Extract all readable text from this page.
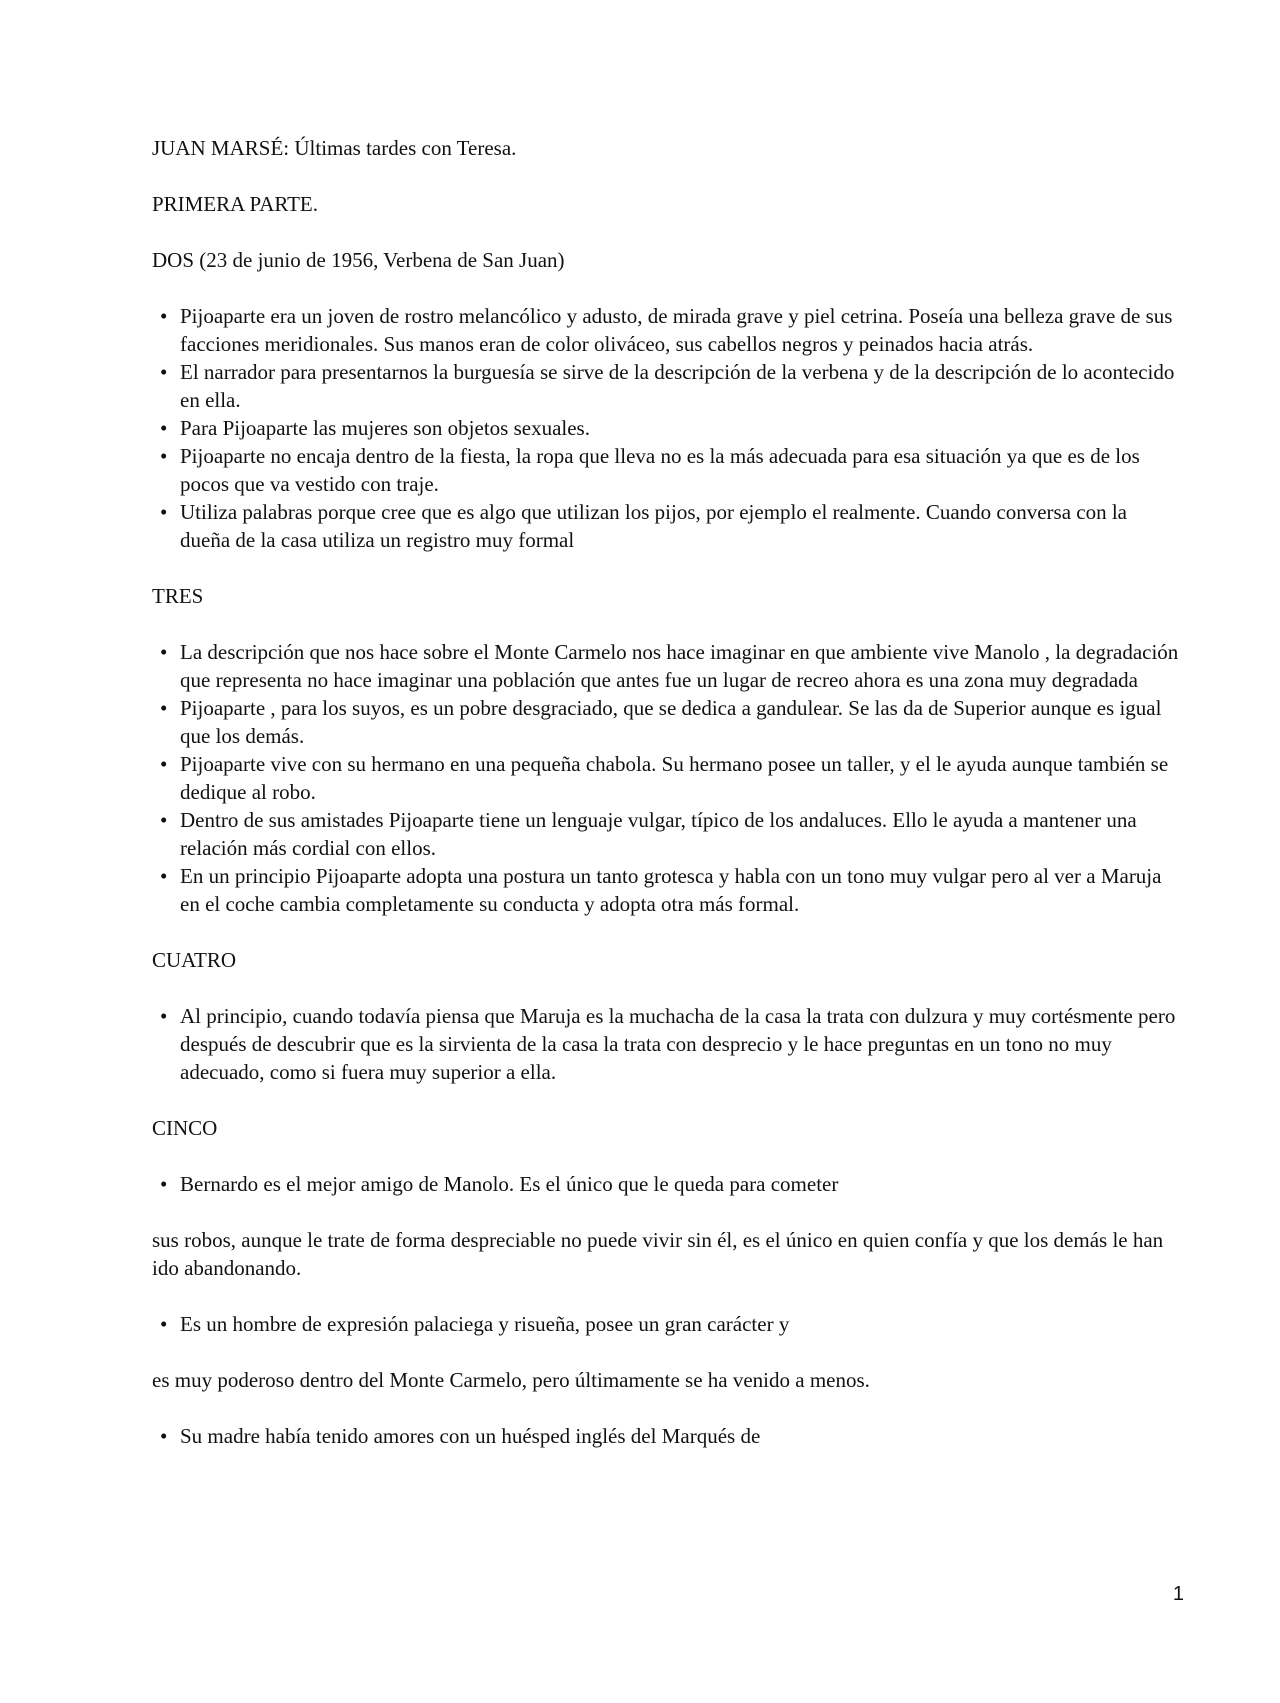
JUAN MARSÉ: Últimas tardes con Teresa.

PRIMERA PARTE.

DOS (23 de junio de 1956, Verbena de San Juan)

• Pijoaparte era un joven de rostro melancólico y adusto, de mirada grave y piel cetrina. Poseía una belleza grave de sus facciones meridionales. Sus manos eran de color oliváceo, sus cabellos negros y peinados hacia atrás.
• El narrador para presentarnos la burguesía se sirve de la descripción de la verbena y de la descripción de lo acontecido en ella.
• Para Pijoaparte las mujeres son objetos sexuales.
• Pijoaparte no encaja dentro de la fiesta, la ropa que lleva no es la más adecuada para esa situación ya que es de los pocos que va vestido con traje.
• Utiliza palabras porque cree que es algo que utilizan los pijos, por ejemplo el realmente. Cuando conversa con la dueña de la casa utiliza un registro muy formal

TRES

• La descripción que nos hace sobre el Monte Carmelo nos hace imaginar en que ambiente vive Manolo , la degradación que representa no hace imaginar una población que antes fue un lugar de recreo ahora es una zona muy degradada
• Pijoaparte , para los suyos, es un pobre desgraciado, que se dedica a gandulear. Se las da de Superior aunque es igual que los demás.
• Pijoaparte vive con su hermano en una pequeña chabola. Su hermano posee un taller, y el le ayuda aunque también se dedique al robo.
• Dentro de sus amistades Pijoaparte tiene un lenguaje vulgar, típico de los andaluces. Ello le ayuda a mantener una relación más cordial con ellos.
• En un principio Pijoaparte adopta una postura un tanto grotesca y habla con un tono muy vulgar pero al ver a Maruja en el coche cambia completamente su conducta y adopta otra más formal.

CUATRO

• Al principio, cuando todavía piensa que Maruja es la muchacha de la casa la trata con dulzura y muy cortésmente pero después de descubrir que es la sirvienta de la casa la trata con desprecio y le hace preguntas en un tono no muy adecuado, como si fuera muy superior a ella.

CINCO

• Bernardo es el mejor amigo de Manolo. Es el único que le queda para cometer

sus robos, aunque le trate de forma despreciable no puede vivir sin él, es el único en quien confía y que los demás le han ido abandonando.

• Es un hombre de expresión palaciega y risueña, posee un gran carácter y

es muy poderoso dentro del Monte Carmelo, pero últimamente se ha venido a menos.

• Su madre había tenido amores con un huésped inglés del Marqués de
1
